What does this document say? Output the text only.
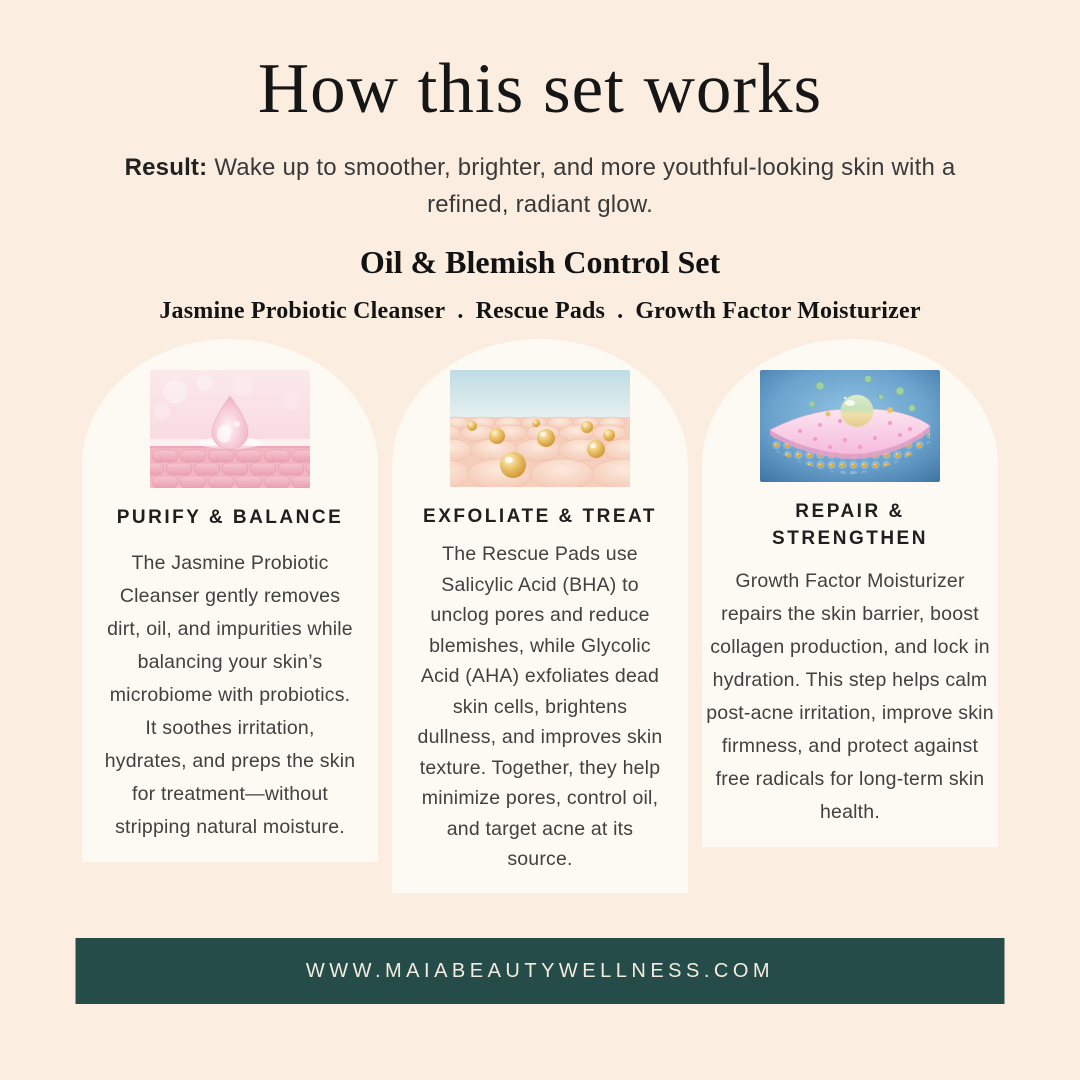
How this set works

Result: Wake up to smoother, brighter, and more youthful-looking skin with a refined, radiant glow.

Oil & Blemish Control Set
Jasmine Probiotic Cleanser . Rescue Pads . Growth Factor Moisturizer
PURIFY & BALANCE

The Jasmine Probiotic Cleanser gently removes dirt, oil, and impurities while balancing your skin’s microbiome with probiotics. It soothes irritation, hydrates, and preps the skin for treatment—without stripping natural moisture.

EXFOLIATE & TREAT

The Rescue Pads use Salicylic Acid (BHA) to unclog pores and reduce blemishes, while Glycolic Acid (AHA) exfoliates dead skin cells, brightens dullness, and improves skin texture. Together, they help minimize pores, control oil, and target acne at its source.

REPAIR & STRENGTHEN

Growth Factor Moisturizer repairs the skin barrier, boost collagen production, and lock in hydration. This step helps calm post-acne irritation, improve skin firmness, and protect against free radicals for long-term skin health.

WWW.MAIABEAUTYWELLNESS.COM
